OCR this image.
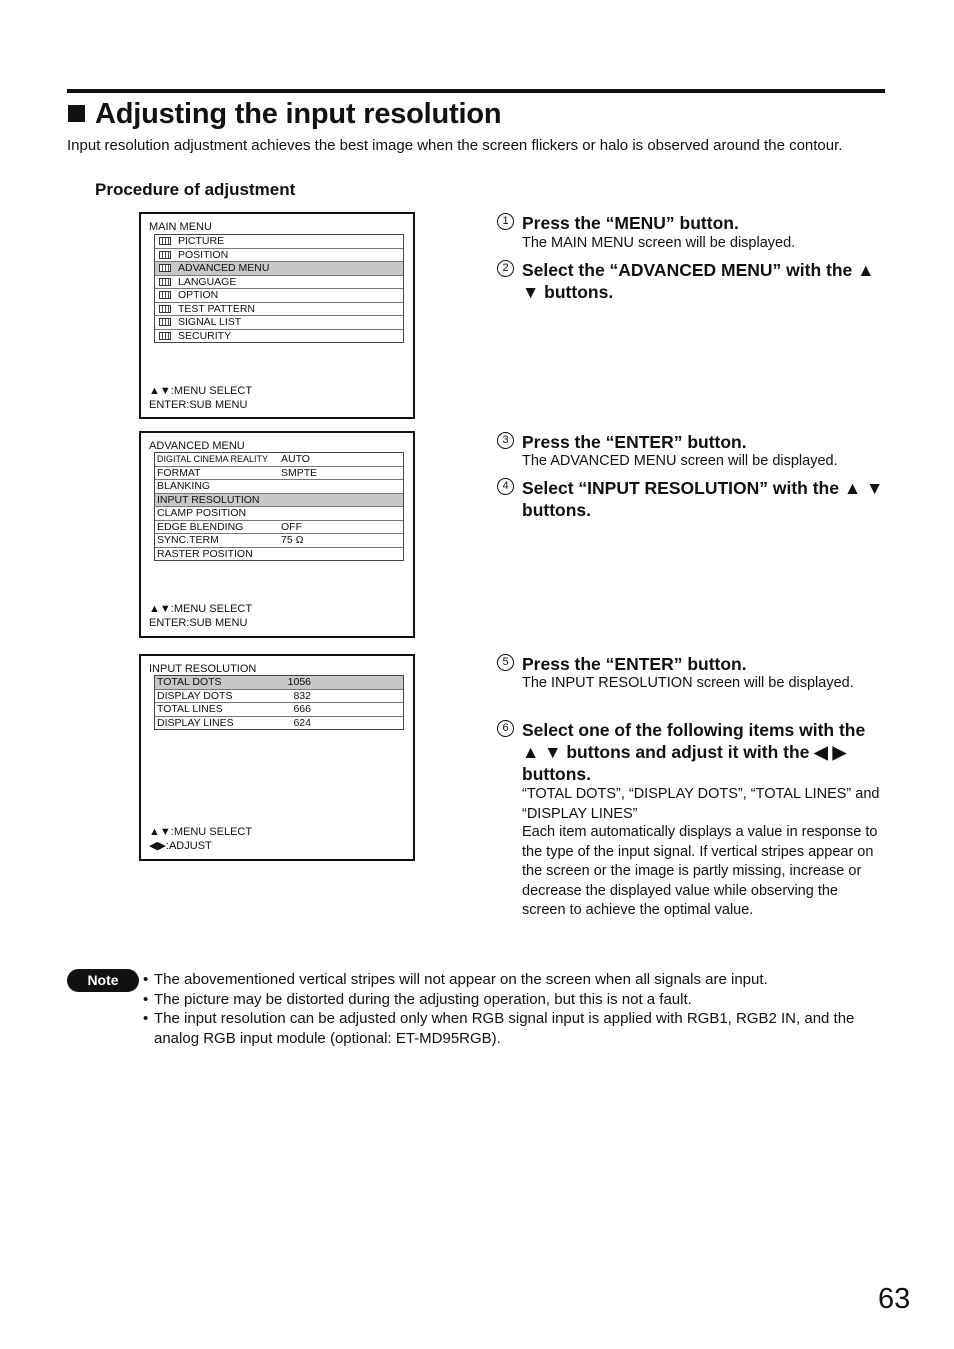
Adjusting the input resolution
Input resolution adjustment achieves the best image when the screen flickers or halo is observed around the contour.
Procedure of adjustment
MAIN MENU
PICTURE
POSITION
ADVANCED MENU
LANGUAGE
OPTION
TEST PATTERN
SIGNAL LIST
SECURITY
▲▼:MENU SELECT
ENTER:SUB MENU
ADVANCED MENU
DIGITAL CINEMA REALITY AUTO
FORMAT	SMPTE
BLANKING
INPUT RESOLUTION
CLAMP POSITION
EDGE BLENDING	OFF
SYNC.TERM	75 Ω
RASTER POSITION
▲▼:MENU SELECT
ENTER:SUB MENU
INPUT RESOLUTION
TOTAL DOTS	1056
DISPLAY DOTS	832
TOTAL LINES	666
DISPLAY LINES	624
▲▼:MENU SELECT
◀▶:ADJUST
1 Press the “MENU” button.
The MAIN MENU screen will be displayed.
2 Select the “ADVANCED MENU” with the ▲ ▼ buttons.
3 Press the “ENTER” button.
The ADVANCED MENU screen will be displayed.
4 Select “INPUT RESOLUTION” with the ▲ ▼ buttons.
5 Press the “ENTER” button.
The INPUT RESOLUTION screen will be displayed.
6 Select one of the following items with the ▲ ▼ buttons and adjust it with the ◀ ▶ buttons.
“TOTAL DOTS”, “DISPLAY DOTS”, “TOTAL LINES” and “DISPLAY LINES”
Each item automatically displays a value in response to the type of the input signal. If vertical stripes appear on the screen or the image is partly missing, increase or decrease the displayed value while observing the screen to achieve the optimal value.
Note	• The abovementioned vertical stripes will not appear on the screen when all signals are input.
• The picture may be distorted during the adjusting operation, but this is not a fault.
• The input resolution can be adjusted only when RGB signal input is applied with RGB1, RGB2 IN, and the analog RGB input module (optional: ET-MD95RGB).
63
